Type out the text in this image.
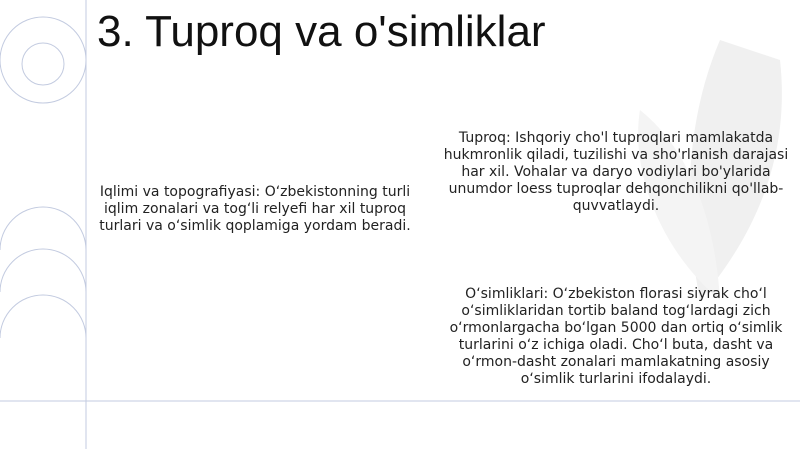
3. Tuproq va o'simliklar
Iqlimi va topografiyasi: O‘zbekistonning turli iqlim zonalari va tog‘li relyefi har xil tuproq turlari va o‘simlik qoplamiga yordam beradi.
Tuproq: Ishqoriy cho'l tuproqlari mamlakatda hukmronlik qiladi, tuzilishi va sho'rlanish darajasi har xil. Vohalar va daryo vodiylari bo'ylarida unumdor loess tuproqlar dehqonchilikni qo'llab-quvvatlaydi.
O‘simliklari: O‘zbekiston florasi siyrak cho‘l o‘simliklaridan tortib baland tog‘lardagi zich o‘rmonlargacha bo‘lgan 5000 dan ortiq o‘simlik turlarini o‘z ichiga oladi. Cho‘l buta, dasht va o‘rmon-dasht zonalari mamlakatning asosiy o‘simlik turlarini ifodalaydi.
